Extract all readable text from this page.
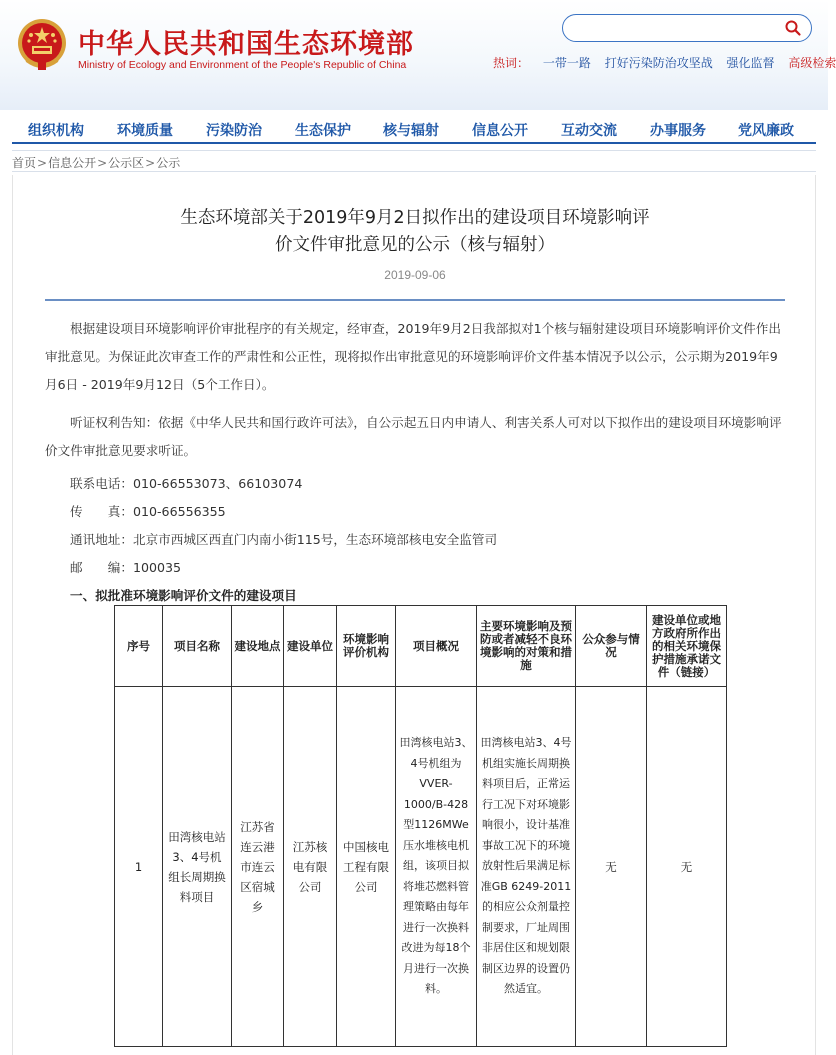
中华人民共和国生态环境部
Ministry of Ecology and Environment of the People's Republic of China	热词： 一带一路 打好污染防治攻坚战 强化监督 高级检索
组织机构 环境质量 污染防治 生态保护 核与辐射 信息公开 互动交流 办事服务 党风廉政
首页>信息公开>公示区>公示
生态环境部关于2019年9月2日拟作出的建设项目环境影响评
价文件审批意见的公示（核与辐射）
2019-09-06
根据建设项目环境影响评价审批程序的有关规定，经审查，2019年9月2日我部拟对1个核与辐射建设项目环境影响评价文件作出审批意见。为保证此次审查工作的严肃性和公正性，现将拟作出审批意见的环境影响评价文件基本情况予以公示，公示期为2019年9月6日 - 2019年9月12日（5个工作日）。
听证权利告知：依据《中华人民共和国行政许可法》，自公示起五日内申请人、利害关系人可对以下拟作出的建设项目环境影响评价文件审批意见要求听证。
联系电话：010-66553073、66103074
传　　真：010-66556355
通讯地址：北京市西城区西直门内南小街115号，生态环境部核电安全监管司
邮　　编：100035
一、拟批准环境影响评价文件的建设项目
序号	项目名称	建设地点	建设单位	环境影响评价机构	项目概况	主要环境影响及预防或者减轻不良环境影响的对策和措施	公众参与情况	建设单位或地方政府所作出的相关环境保护措施承诺文件（链接）
1	田湾核电站3、4号机组长周期换料项目	江苏省连云港市连云区宿城乡	江苏核电有限公司	中国核电工程有限公司	田湾核电站3、4号机组为VVER-1000/B-428型1126MWe压水堆核电机组，该项目拟将堆芯燃料管理策略由每年进行一次换料改进为每18个月进行一次换料。	田湾核电站3、4号机组实施长周期换料项目后，正常运行工况下对环境影响很小，设计基准事故工况下的环境放射性后果满足标准GB 6249-2011的相应公众剂量控制要求，厂址周围非居住区和规划限制区边界的设置仍然适宜。	无	无
